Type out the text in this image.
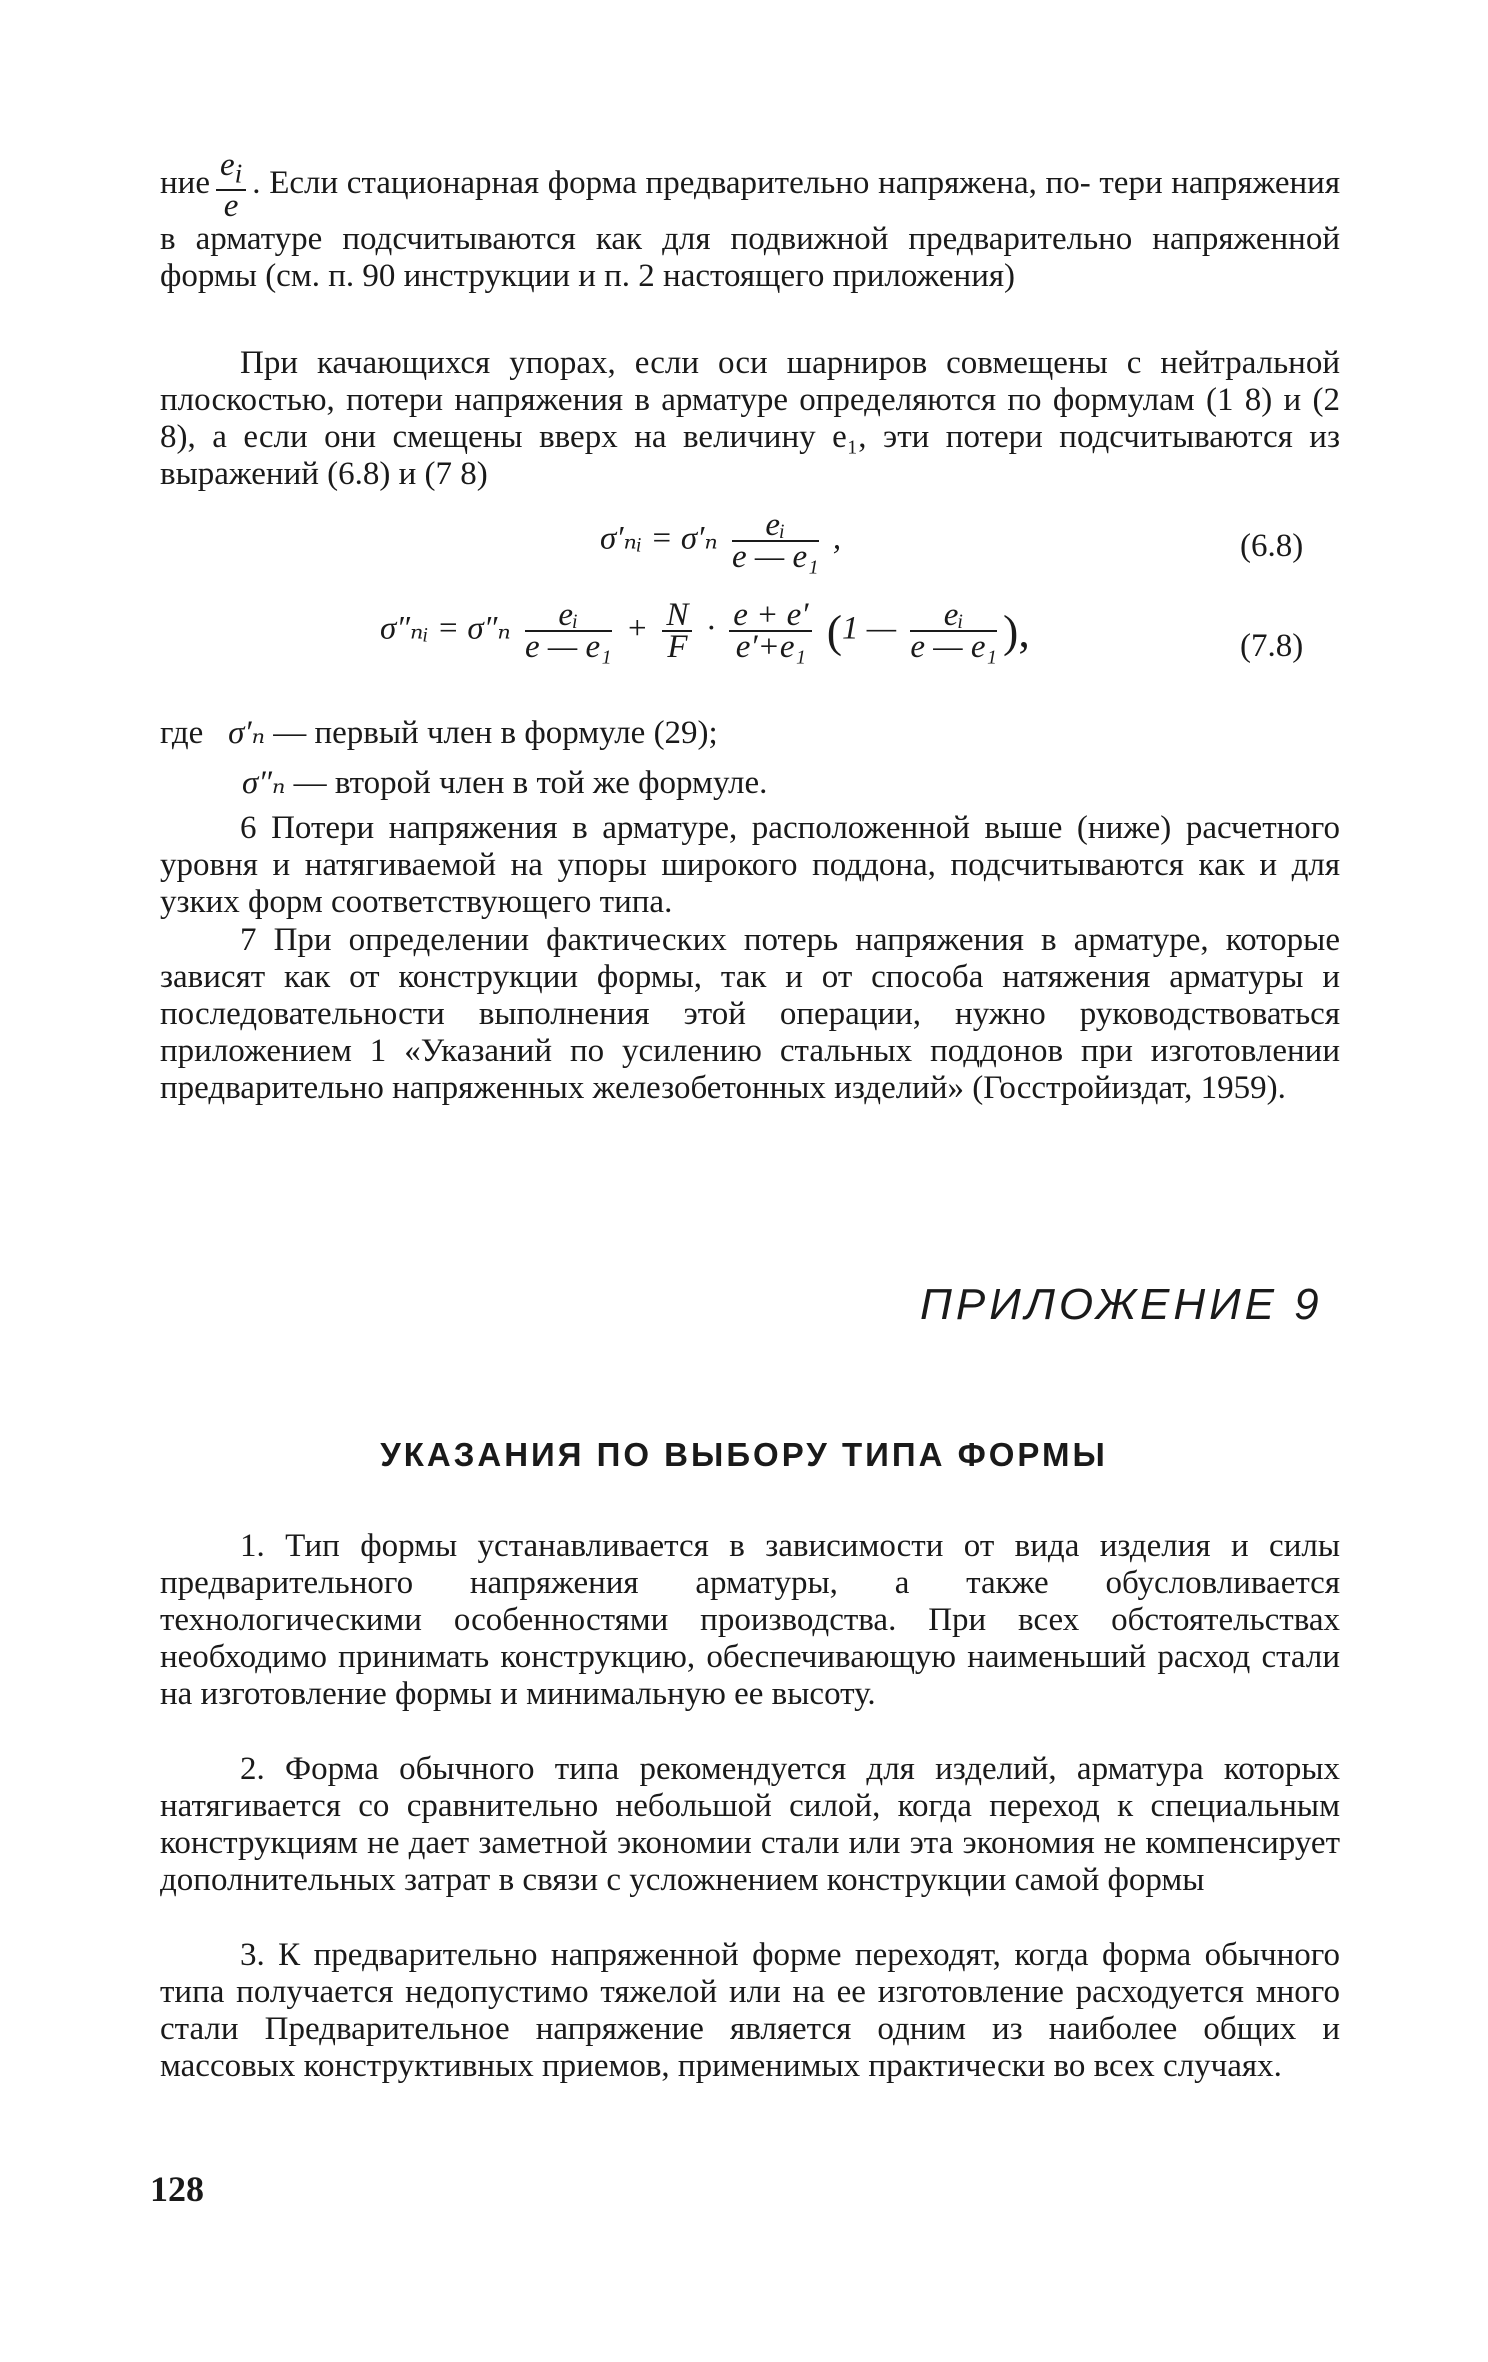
ние $\frac{e_i}{e}$ . Если стационарная форма предварительно напряжена, по- тери напряжения в арматуре подсчитываются как для подвижной предварительно напряженной формы (см. п. 90 инструкции и п. 2 настоящего приложения)

При качающихся упорах, если оси шарниров совмещены с нейтральной плоскостью, потери напряжения в арматуре определяются по формулам (1 8) и (2 8), а если они смещены вверх на величину e₁, эти потери подсчитываются из выражений (6.8) и (7 8)

σ′ₙᵢ = $\sigma'_n \frac{\text{eᵢ}}{\text{e — e₁}}$ ,	(6.8)
σ″ₙᵢ = $\sigma''_n \frac{\text{eᵢ}}{\text{e — e₁}} + \frac{N}{F} \cdot \frac{e + e'}{\text{e′+e₁}} (1$ — $\frac{\text{eᵢ}}{\text{e — e₁}}$ ),	(7.8)
где σ′ₙ — первый член в формуле (29);
σ″ₙ — второй член в той же формуле.

6 Потери напряжения в арматуре, расположенной выше (ниже) расчетного уровня и натягиваемой на упоры широкого поддона, подсчитываются как и для узких форм соответствующего типа.

7 При определении фактических потерь напряжения в арматуре, которые зависят как от конструкции формы, так и от способа натяжения арматуры и последовательности выполнения этой операции, нужно руководствоваться приложением 1 «Указаний по усилению стальных поддонов при изготовлении предварительно напряженных железобетонных изделий» (Госстройиздат, 1959).

ПРИЛОЖЕНИЕ 9
УКАЗАНИЯ ПО ВЫБОРУ ТИПА ФОРМЫ

1. Тип формы устанавливается в зависимости от вида изделия и силы предварительного напряжения арматуры, а также обусловливается технологическими особенностями производства. При всех обстоятельствах необходимо принимать конструкцию, обеспечивающую наименьший расход стали на изготовление формы и минимальную ее высоту.

2. Форма обычного типа рекомендуется для изделий, арматура которых натягивается со сравнительно небольшой силой, когда переход к специальным конструкциям не дает заметной экономии стали или эта экономия не компенсирует дополнительных затрат в связи с усложнением конструкции самой формы

3. К предварительно напряженной форме переходят, когда форма обычного типа получается недопустимо тяжелой или на ее изготовление расходуется много стали Предварительное напряжение является одним из наиболее общих и массовых конструктивных приемов, применимых практически во всех случаях.

128
